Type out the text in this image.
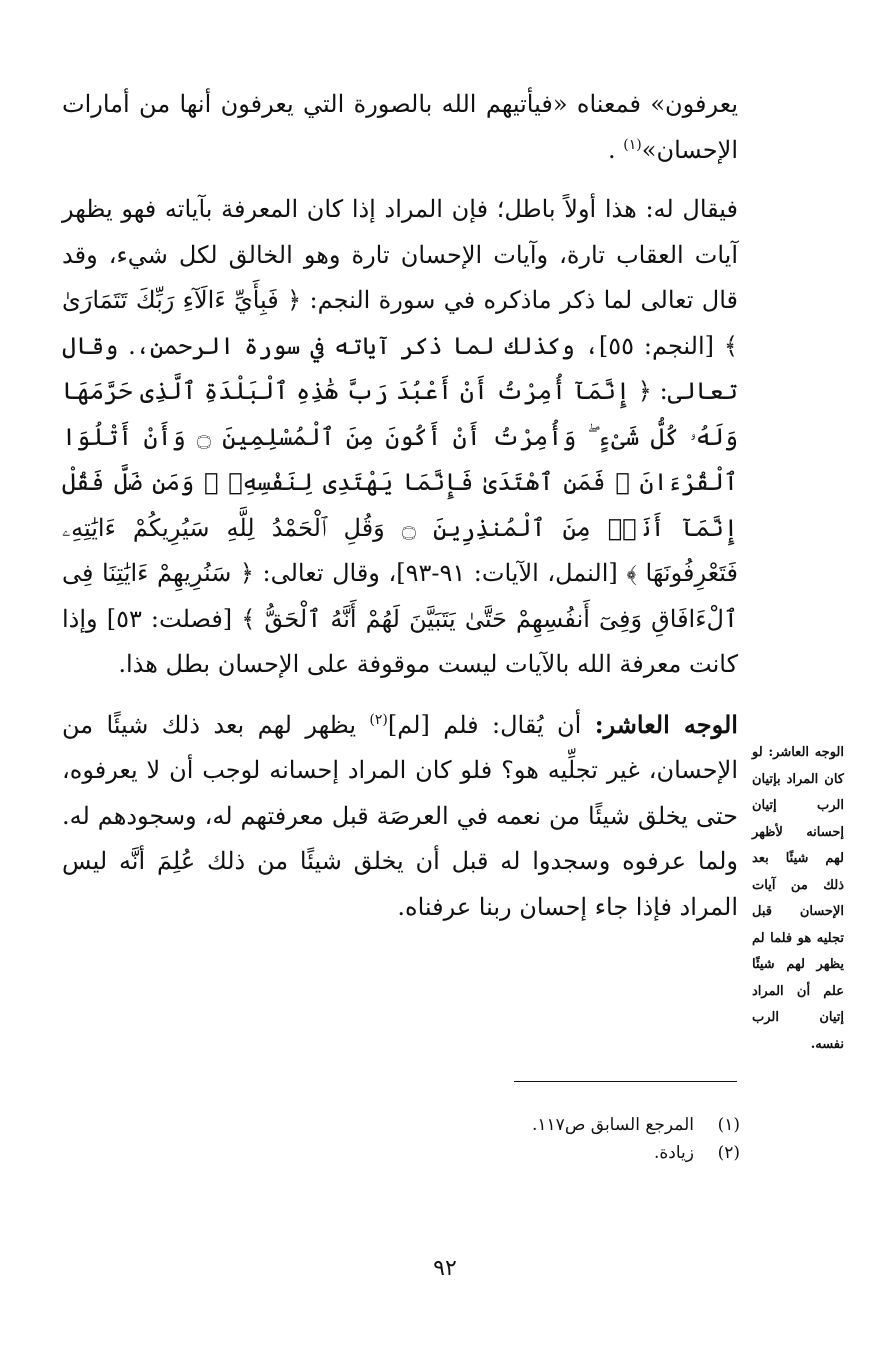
يعرفون» فمعناه «فيأتيهم الله بالصورة التي يعرفون أنها من أمارات الإحسان»$^{(١)}$ .

فيقال له: هذا أولاً باطل؛ فإن المراد إذا كان المعرفة بآياته فهو يظهر آيات العقاب تارة، وآيات الإحسان تارة وهو الخالق لكل شيء، وقد قال تعالى لما ذكر ماذكره في سورة النجم: ﴿ فَبِأَيِّ ءَالَآءِ رَبِّكَ تَتَمَارَىٰ ﴾ [النجم: ٥٥]، وكذلك لما ذكر آياته في سورة الرحمن،. وقال تعالى: ﴿ إِنَّمَآ أُمِرْتُ أَنْ أَعْبُدَ رَبَّ هَٰذِهِ ٱلْبَلْدَةِ ٱلَّذِى حَرَّمَهَا وَلَهُۥ كُلُّ شَىْءٍ ۖ وَأُمِرْتُ أَنْ أَكُونَ مِنَ ٱلْمُسْلِمِينَ ۝ وَأَنْ أَتْلُوَا ٱلْقُرْءَانَ ۖ فَمَنِ ٱهْتَدَىٰ فَإِنَّمَا يَهْتَدِى لِنَفْسِهِۦ ۖ وَمَن ضَلَّ فَقُلْ إِنَّمَآ أَنَا۠ مِنَ ٱلْمُنذِرِينَ ۝ وَقُلِ ٱلْحَمْدُ لِلَّهِ سَيُرِيكُمْ ءَايَٰتِهِۦ فَتَعْرِفُونَهَا ﴾ [النمل، الآيات: ٩١-٩٣]، وقال تعالى: ﴿ سَنُرِيهِمْ ءَايَٰتِنَا فِى ٱلْءَافَاقِ وَفِىٓ أَنفُسِهِمْ حَتَّىٰ يَتَبَيَّنَ لَهُمْ أَنَّهُ ٱلْحَقُّ ﴾ [فصلت: ٥٣] وإذا كانت معرفة الله بالآيات ليست موقوفة على الإحسان بطل هذا.

الوجه العاشر: أن يُقال: فلم [لم]$^{(٢)}$ يظهر لهم بعد ذلك شيئًا من الإحسان، غير تجلِّيه هو؟ فلو كان المراد إحسانه لوجب أن لا يعرفوه، حتى يخلق شيئًا من نعمه في العرصَة قبل معرفتهم له، وسجودهم له. ولما عرفوه وسجدوا له قبل أن يخلق شيئًا من ذلك عُلِمَ أنَّه ليس المراد فإذا جاء إحسان ربنا عرفناه.

الوجه العاشر: لو كان المراد بإتيان الرب إتيان إحسانه لأظهر لهم شيئًا بعد ذلك من آيات الإحسان قبل تجليه هو فلما لم يظهر لهم شيئًا علم أن المراد إتيان الرب نفسه.
(١)
المرجع السابق ص١١٧.
(٢)
زيادة.
٩٢
